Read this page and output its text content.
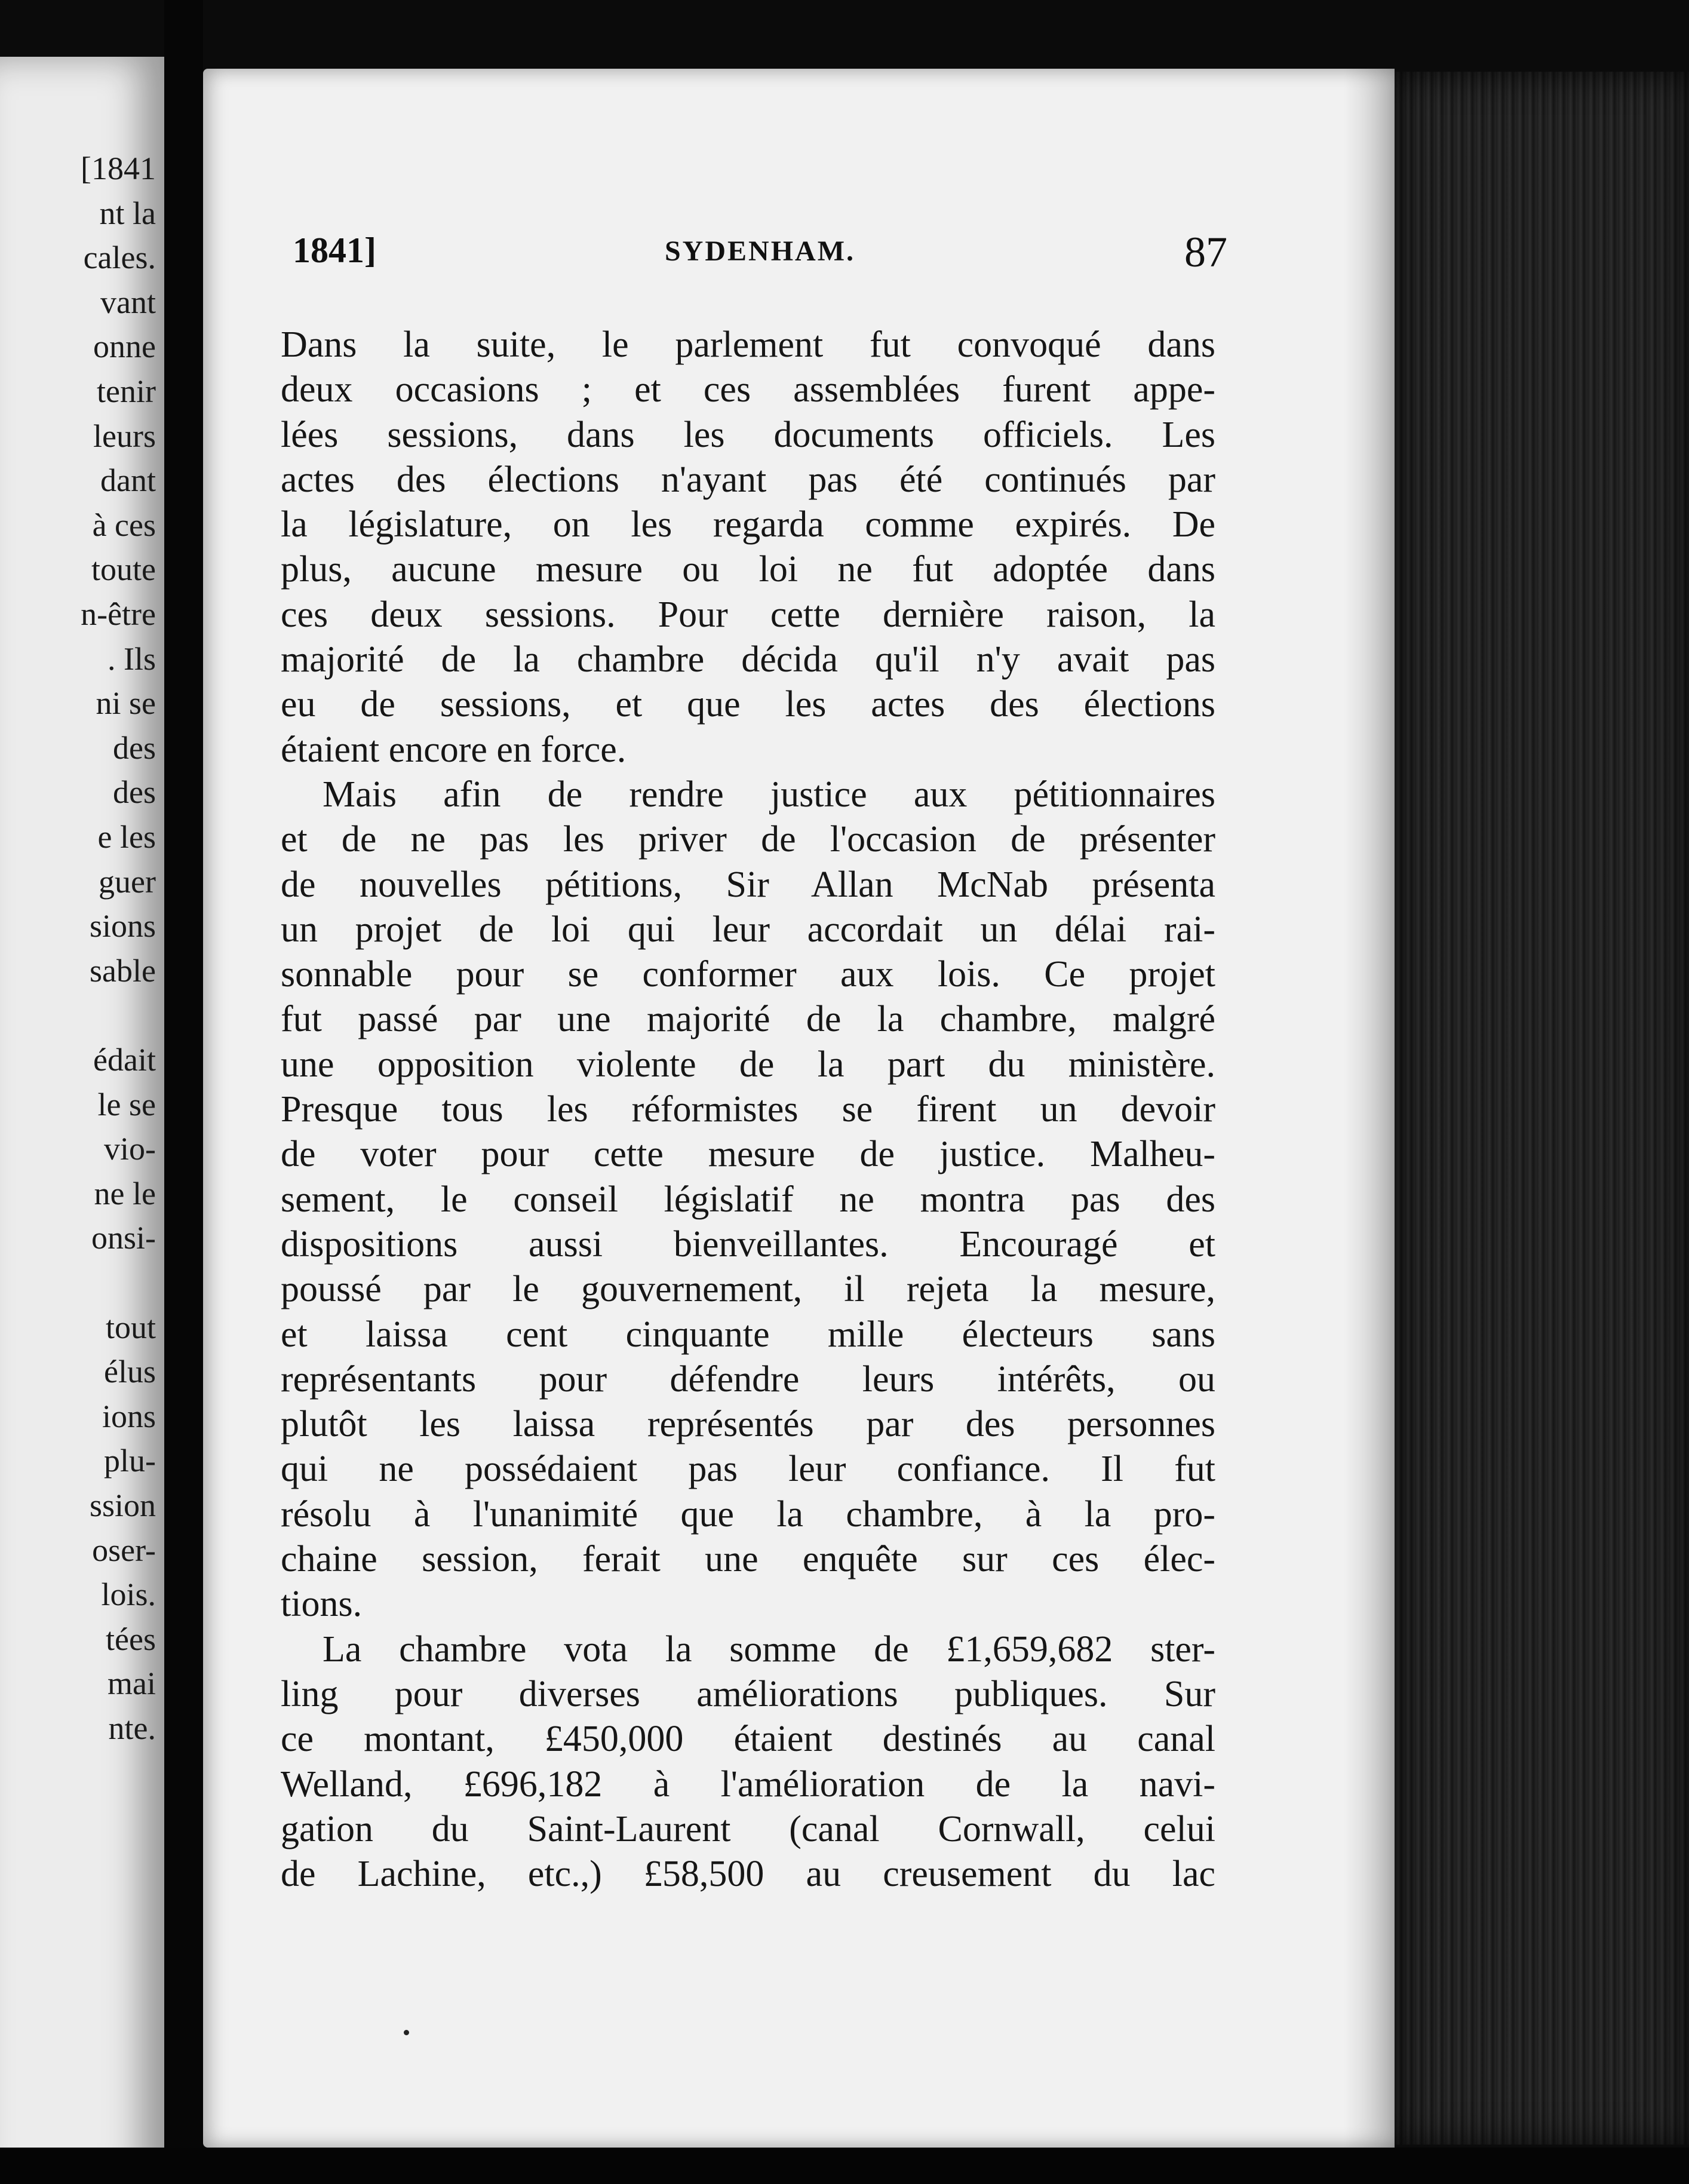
[1841

nt la

cales.

vant

onne

tenir

leurs

dant

à ces

toute

n-être

. Ils

ni se

des

des

e les

guer

sions

sable

édait

le se

vio-

ne le

onsi-

tout

élus

ions

plu-

ssion

oser-

lois.

tées

mai

nte.

1841]	SYDENHAM.	87

Dans la suite, le parlement fut convoqué dans

deux occasions ; et ces assemblées furent appe-

lées sessions, dans les documents officiels. Les

actes des élections n'ayant pas été continués par

la législature, on les regarda comme expirés. De

plus, aucune mesure ou loi ne fut adoptée dans

ces deux sessions. Pour cette dernière raison, la

majorité de la chambre décida qu'il n'y avait pas

eu de sessions, et que les actes des élections

étaient encore en force.

Mais afin de rendre justice aux pétitionnaires

et de ne pas les priver de l'occasion de présenter

de nouvelles pétitions, Sir Allan McNab présenta

un projet de loi qui leur accordait un délai rai-

sonnable pour se conformer aux lois. Ce projet

fut passé par une majorité de la chambre, malgré

une opposition violente de la part du ministère.

Presque tous les réformistes se firent un devoir

de voter pour cette mesure de justice. Malheu-

sement, le conseil législatif ne montra pas des

dispositions aussi bienveillantes. Encouragé et

poussé par le gouvernement, il rejeta la mesure,

et laissa cent cinquante mille électeurs sans

représentants pour défendre leurs intérêts, ou

plutôt les laissa représentés par des personnes

qui ne possédaient pas leur confiance. Il fut

résolu à l'unanimité que la chambre, à la pro-

chaine session, ferait une enquête sur ces élec-

tions.

La chambre vota la somme de £1,659,682 ster-

ling pour diverses améliorations publiques. Sur

ce montant, £450,000 étaient destinés au canal

Welland, £696,182 à l'amélioration de la navi-

gation du Saint-Laurent (canal Cornwall, celui

de Lachine, etc.,) £58,500 au creusement du lac
